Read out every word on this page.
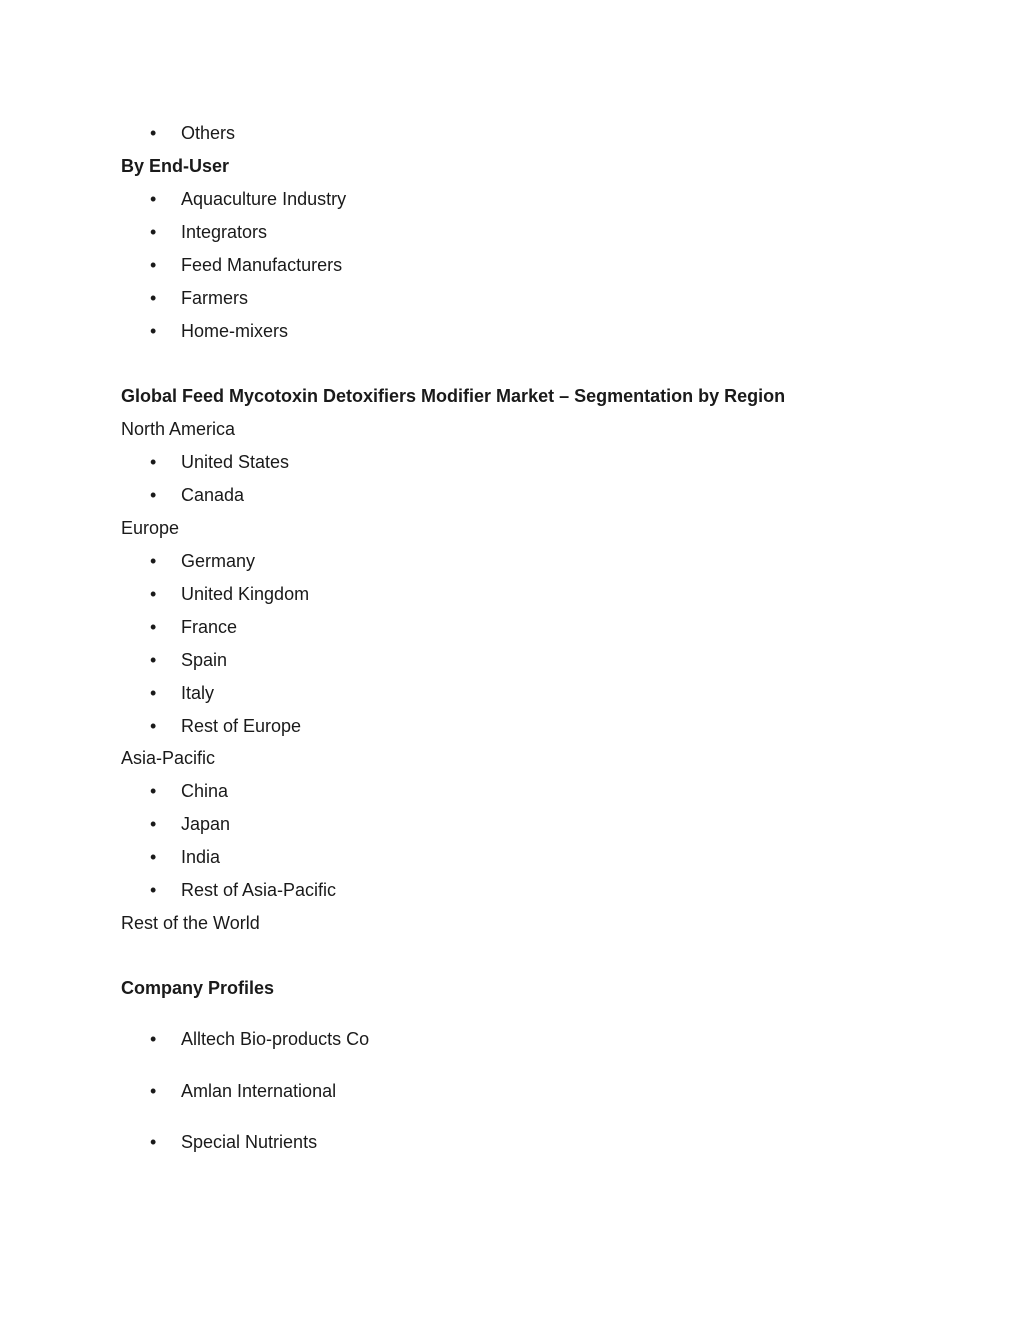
• Others
By End-User
• Aquaculture Industry
• Integrators
• Feed Manufacturers
• Farmers
• Home-mixers
Global Feed Mycotoxin Detoxifiers Modifier Market – Segmentation by Region
North America
• United States
• Canada
Europe
• Germany
• United Kingdom
• France
• Spain
• Italy
• Rest of Europe
Asia-Pacific
• China
• Japan
• India
• Rest of Asia-Pacific
Rest of the World
Company Profiles
• Alltech Bio-products Co
• Amlan International
• Special Nutrients
